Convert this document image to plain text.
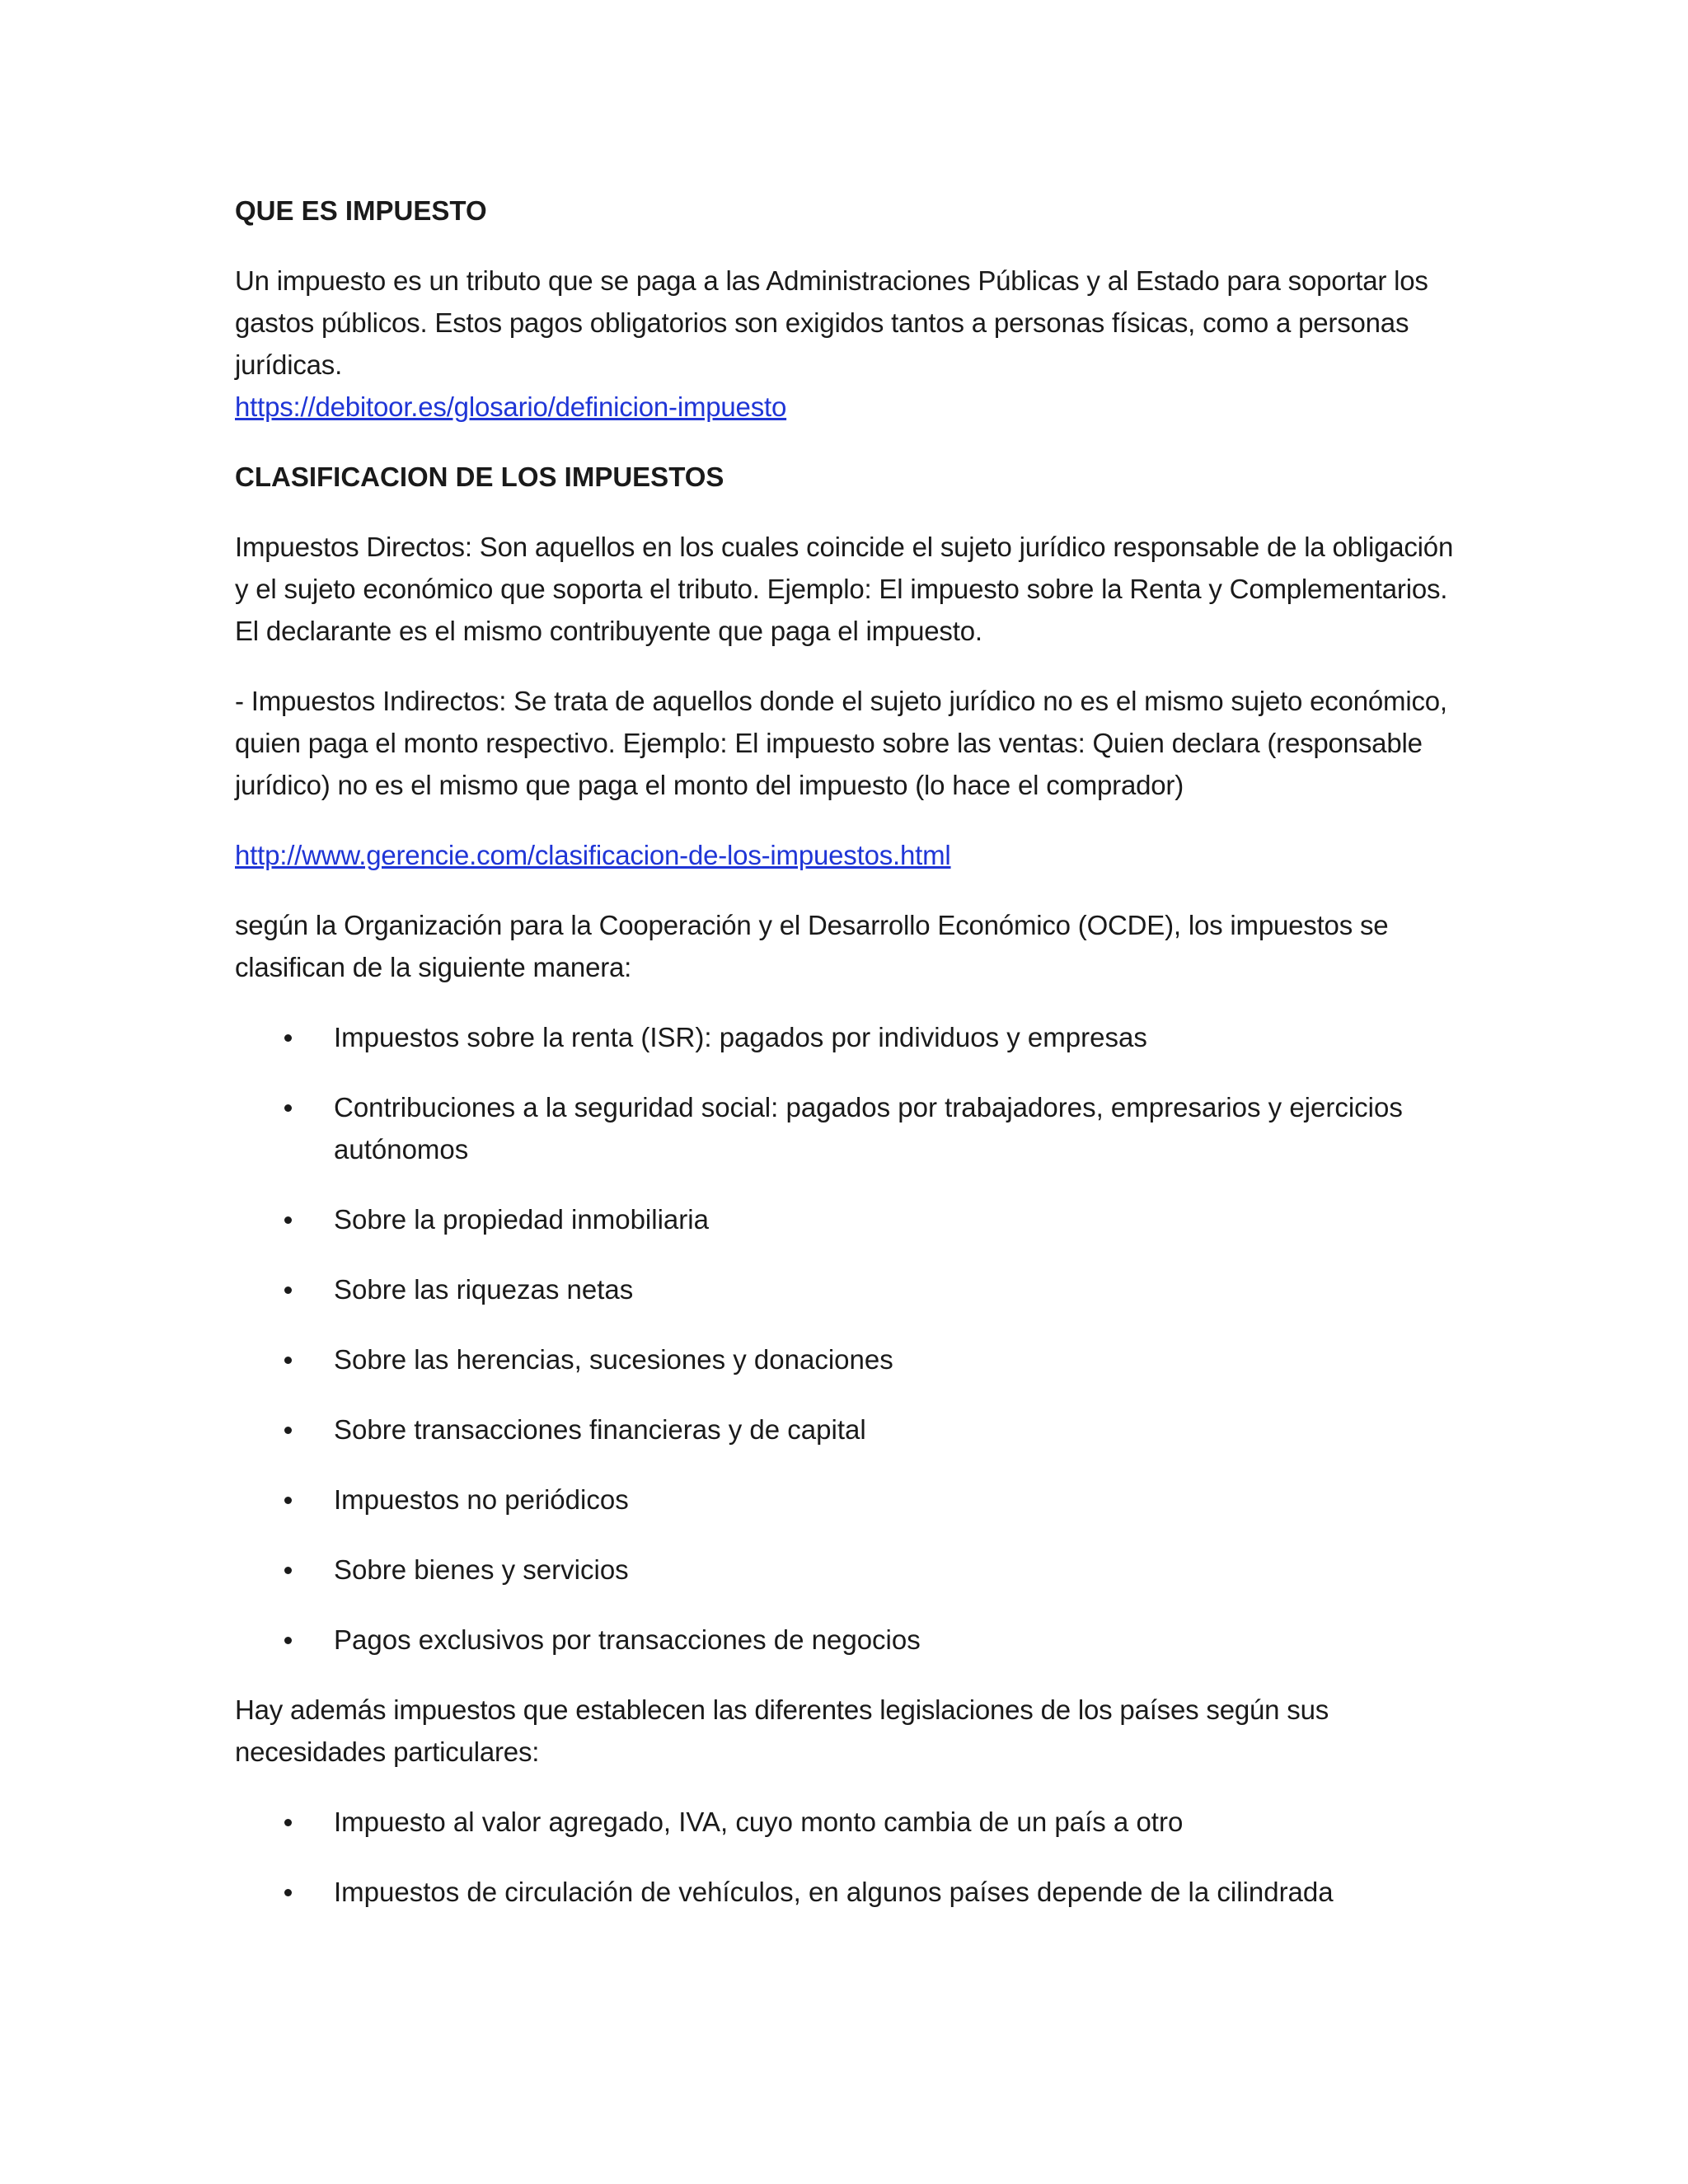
QUE ES IMPUESTO
Un impuesto es un tributo que se paga a las Administraciones Públicas y al Estado para soportar los gastos públicos. Estos pagos obligatorios son exigidos tantos a personas físicas, como a personas jurídicas.
https://debitoor.es/glosario/definicion-impuesto
CLASIFICACION DE LOS IMPUESTOS
Impuestos Directos: Son aquellos en los cuales coincide el sujeto jurídico responsable de la obligación y el sujeto económico que soporta el tributo. Ejemplo: El impuesto sobre la Renta y Complementarios. El declarante es el mismo contribuyente que paga el impuesto.
- Impuestos Indirectos: Se trata de aquellos donde el sujeto jurídico no es el mismo sujeto económico, quien paga el monto respectivo. Ejemplo: El impuesto sobre las ventas: Quien declara (responsable jurídico) no es el mismo que paga el monto del impuesto (lo hace el comprador)
http://www.gerencie.com/clasificacion-de-los-impuestos.html
según la Organización para la Cooperación y el Desarrollo Económico (OCDE), los impuestos se clasifican de la siguiente manera:
Impuestos sobre la renta (ISR): pagados por individuos y empresas
Contribuciones a la seguridad social: pagados por trabajadores, empresarios y ejercicios autónomos
Sobre la propiedad inmobiliaria
Sobre las riquezas netas
Sobre las herencias, sucesiones y donaciones
Sobre transacciones financieras y de capital
Impuestos no periódicos
Sobre bienes y servicios
Pagos exclusivos por transacciones de negocios
Hay además impuestos que establecen las diferentes legislaciones de los países según sus necesidades particulares:
Impuesto al valor agregado, IVA, cuyo monto cambia de un país a otro
Impuestos de circulación de vehículos, en algunos países depende de la cilindrada
